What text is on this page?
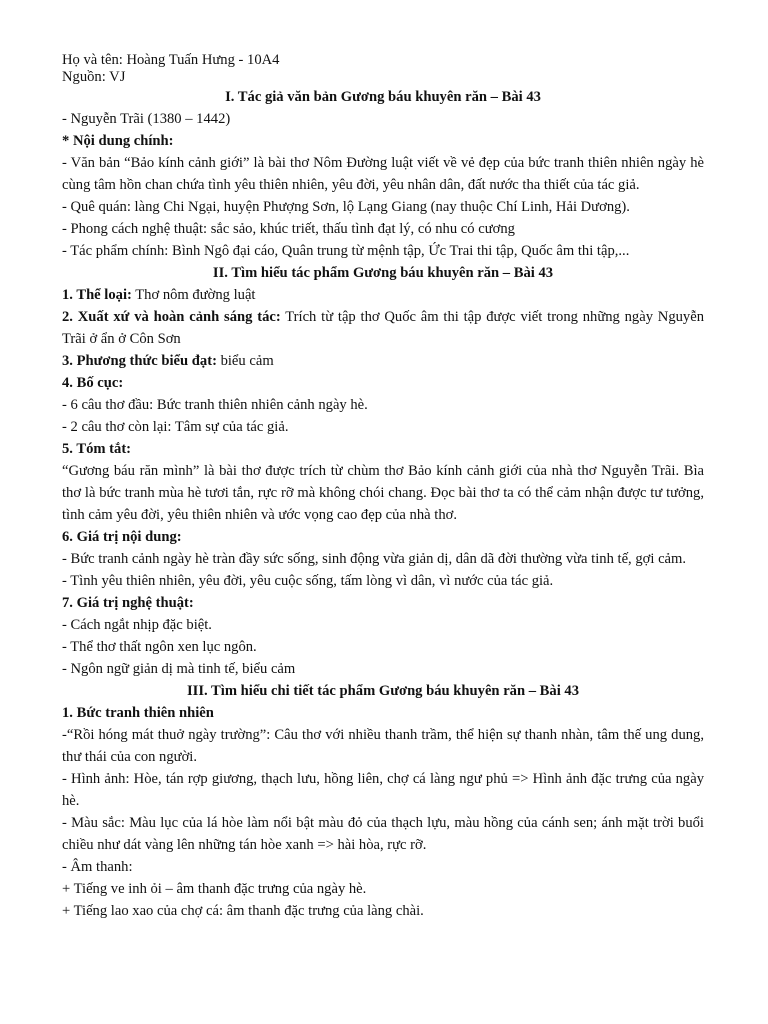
Họ và tên: Hoàng Tuấn Hưng - 10A4

Nguồn: VJ

I. Tác giả văn bản Gương báu khuyên răn – Bài 43

- Nguyễn Trãi (1380 – 1442)

* Nội dung chính:

- Văn bản “Bảo kính cảnh giới” là bài thơ Nôm Đường luật viết về vẻ đẹp của bức tranh thiên nhiên ngày hè cùng tâm hồn chan chứa tình yêu thiên nhiên, yêu đời, yêu nhân dân, đất nước tha thiết của tác giả.

- Quê quán: làng Chi Ngại, huyện Phượng Sơn, lộ Lạng Giang (nay thuộc Chí Linh, Hải Dương).

- Phong cách nghệ thuật: sắc sảo, khúc triết, thấu tình đạt lý, có nhu có cương

- Tác phẩm chính: Bình Ngô đại cáo, Quân trung từ mệnh tập, Ức Trai thi tập, Quốc âm thi tập,...

II. Tìm hiểu tác phẩm Gương báu khuyên răn – Bài 43

1. Thể loại: Thơ nôm đường luật

2. Xuất xứ và hoàn cảnh sáng tác: Trích từ tập thơ Quốc âm thi tập được viết trong những ngày Nguyễn Trãi ở ẩn ở Côn Sơn

3. Phương thức biểu đạt: biểu cảm

4. Bố cục:

- 6 câu thơ đầu: Bức tranh thiên nhiên cảnh ngày hè.

- 2 câu thơ còn lại: Tâm sự của tác giả.

5. Tóm tắt:

“Gương báu răn mình” là bài thơ được trích từ chùm thơ Bảo kính cảnh giới của nhà thơ Nguyễn Trãi. Bìa thơ là bức tranh mùa hè tươi tắn, rực rỡ mà không chói chang. Đọc bài thơ ta có thể cảm nhận được tư tưởng, tình cảm yêu đời, yêu thiên nhiên và ước vọng cao đẹp của nhà thơ.

6. Giá trị nội dung:

- Bức tranh cảnh ngày hè tràn đầy sức sống, sinh động vừa giản dị, dân dã đời thường vừa tinh tế, gợi cảm.

- Tình yêu thiên nhiên, yêu đời, yêu cuộc sống, tấm lòng vì dân, vì nước của tác giả.

7. Giá trị nghệ thuật:

- Cách ngắt nhịp đặc biệt.

- Thể thơ thất ngôn xen lục ngôn.

- Ngôn ngữ giản dị mà tinh tế, biểu cảm

III. Tìm hiểu chi tiết tác phẩm Gương báu khuyên răn – Bài 43

1. Bức tranh thiên nhiên

-“Rồi hóng mát thuở ngày trường”: Câu thơ với nhiều thanh trầm, thể hiện sự thanh nhàn, tâm thế ung dung, thư thái của con người.

- Hình ảnh: Hòe, tán rợp giương, thạch lưu, hồng liên, chợ cá làng ngư phủ => Hình ảnh đặc trưng của ngày hè.

- Màu sắc: Màu lục của lá hòe làm nổi bật màu đỏ của thạch lựu, màu hồng của cánh sen; ánh mặt trời buổi chiều như dát vàng lên những tán hòe xanh => hài hòa, rực rỡ.

- Âm thanh:

+ Tiếng ve inh ỏi – âm thanh đặc trưng của ngày hè.

+ Tiếng lao xao của chợ cá: âm thanh đặc trưng của làng chài.
